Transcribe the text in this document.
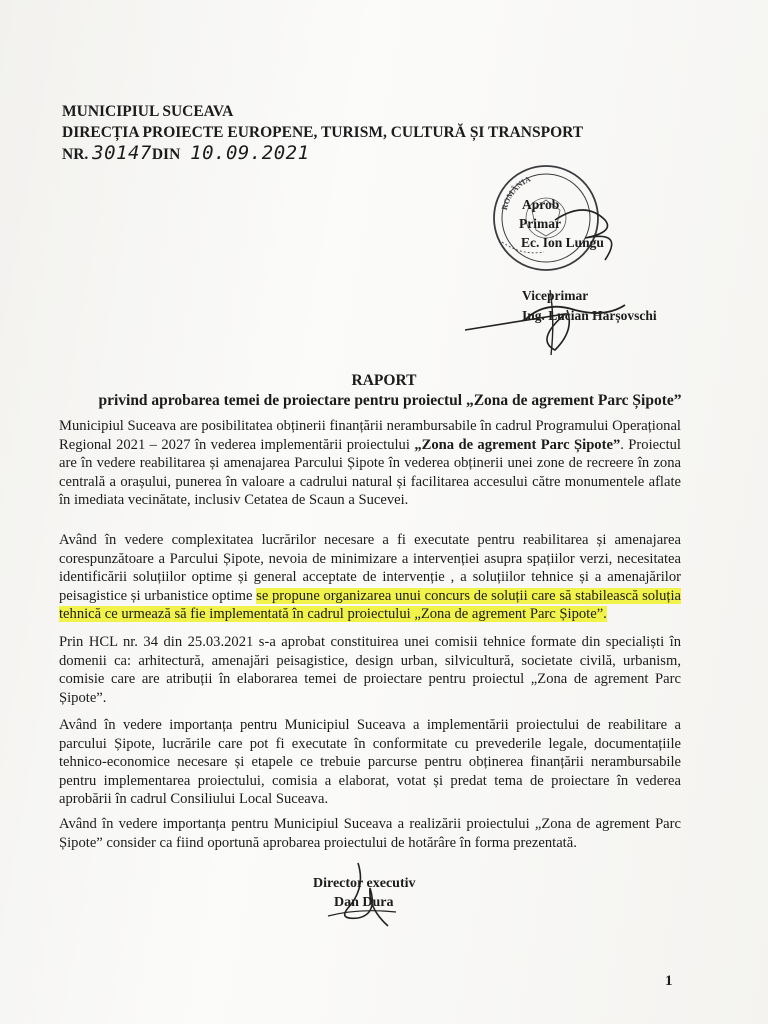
MUNICIPIUL SUCEAVA
DIRECȚIA PROIECTE EUROPENE, TURISM, CULTURĂ ȘI TRANSPORT
NR. 30147DIN 10.09.2021
ROMÂNIA
Aprob
Primar
Ec. Ion Lungu
Viceprimar
Ing. Lucian Harșovschi
RAPORT
privind aprobarea temei de proiectare pentru proiectul „Zona de agrement Parc Șipote”
Municipiul Suceava are posibilitatea obținerii finanțării nerambursabile în cadrul Programului Operațional Regional 2021 – 2027 în vederea implementării proiectului „Zona de agrement Parc Șipote”. Proiectul are în vedere reabilitarea și amenajarea Parcului Șipote în vederea obținerii unei zone de recreere în zona centrală a orașului, punerea în valoare a cadrului natural și facilitarea accesului către monumentele aflate în imediata vecinătate, inclusiv Cetatea de Scaun a Sucevei.
Având în vedere complexitatea lucrărilor necesare a fi executate pentru reabilitarea și amenajarea corespunzătoare a Parcului Șipote, nevoia de minimizare a intervenției asupra spațiilor verzi, necesitatea identificării soluțiilor optime și general acceptate de intervenție , a soluțiilor tehnice și a amenajărilor peisagistice și urbanistice optime se propune organizarea unui concurs de soluții care să stabilească soluția tehnică ce urmează să fie implementată în cadrul proiectului „Zona de agrement Parc Șipote”.
Prin HCL nr. 34 din 25.03.2021 s-a aprobat constituirea unei comisii tehnice formate din specialiști în domenii ca: arhitectură, amenajări peisagistice, design urban, silvicultură, societate civilă, urbanism, comisie care are atribuții în elaborarea temei de proiectare pentru proiectul „Zona de agrement Parc Șipote”.
Având în vedere importanța pentru Municipiul Suceava a implementării proiectului de reabilitare a parcului Șipote, lucrările care pot fi executate în conformitate cu prevederile legale, documentațiile tehnico-economice necesare și etapele ce trebuie parcurse pentru obținerea finanțării nerambursabile pentru implementarea proiectului, comisia a elaborat, votat și predat tema de proiectare în vederea aprobării în cadrul Consiliului Local Suceava.
Având în vedere importanța pentru Municipiul Suceava a realizării proiectului „Zona de agrement Parc Șipote” consider ca fiind oportună aprobarea proiectului de hotărâre în forma prezentată.
Director executiv
Dan Dura
1
